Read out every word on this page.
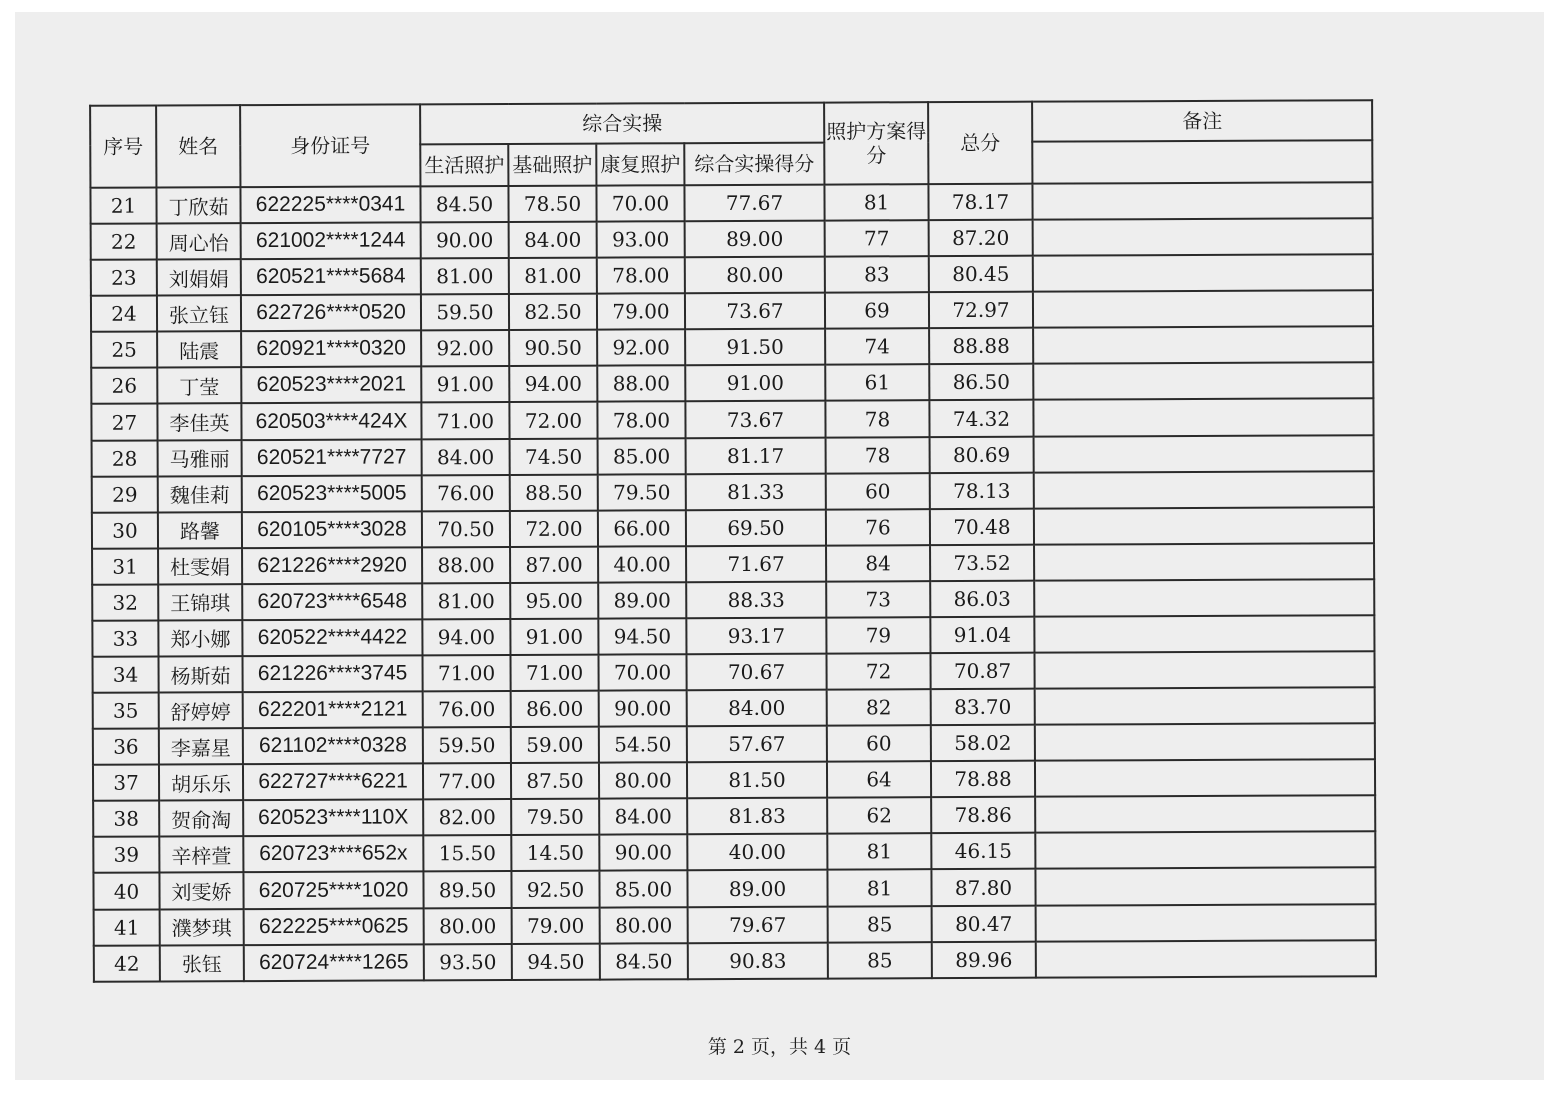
序号	姓名	身份证号	综合实操				照护方案得分	总分	备注
			生活照护	基础照护	康复照护	综合实操得分			
21	丁欣茹	622225****0341	84.50	78.50	70.00	77.67	81	78.17	
22	周心怡	621002****1244	90.00	84.00	93.00	89.00	77	87.20	
23	刘娟娟	620521****5684	81.00	81.00	78.00	80.00	83	80.45	
24	张立钰	622726****0520	59.50	82.50	79.00	73.67	69	72.97	
25	陆震	620921****0320	92.00	90.50	92.00	91.50	74	88.88	
26	丁莹	620523****2021	91.00	94.00	88.00	91.00	61	86.50	
27	李佳英	620503****424X	71.00	72.00	78.00	73.67	78	74.32	
28	马雅丽	620521****7727	84.00	74.50	85.00	81.17	78	80.69	
29	魏佳莉	620523****5005	76.00	88.50	79.50	81.33	60	78.13	
30	路馨	620105****3028	70.50	72.00	66.00	69.50	76	70.48	
31	杜雯娟	621226****2920	88.00	87.00	40.00	71.67	84	73.52	
32	王锦琪	620723****6548	81.00	95.00	89.00	88.33	73	86.03	
33	郑小娜	620522****4422	94.00	91.00	94.50	93.17	79	91.04	
34	杨斯茹	621226****3745	71.00	71.00	70.00	70.67	72	70.87	
35	舒婷婷	622201****2121	76.00	86.00	90.00	84.00	82	83.70	
36	李嘉星	621102****0328	59.50	59.00	54.50	57.67	60	58.02	
37	胡乐乐	622727****6221	77.00	87.50	80.00	81.50	64	78.88	
38	贺俞淘	620523****110X	82.00	79.50	84.00	81.83	62	78.86	
39	辛梓萱	620723****652x	15.50	14.50	90.00	40.00	81	46.15	
40	刘雯娇	620725****1020	89.50	92.50	85.00	89.00	81	87.80	
41	濮梦琪	622225****0625	80.00	79.00	80.00	79.67	85	80.47	
42	张钰	620724****1265	93.50	94.50	84.50	90.83	85	89.96	
第 2 页，共 4 页
